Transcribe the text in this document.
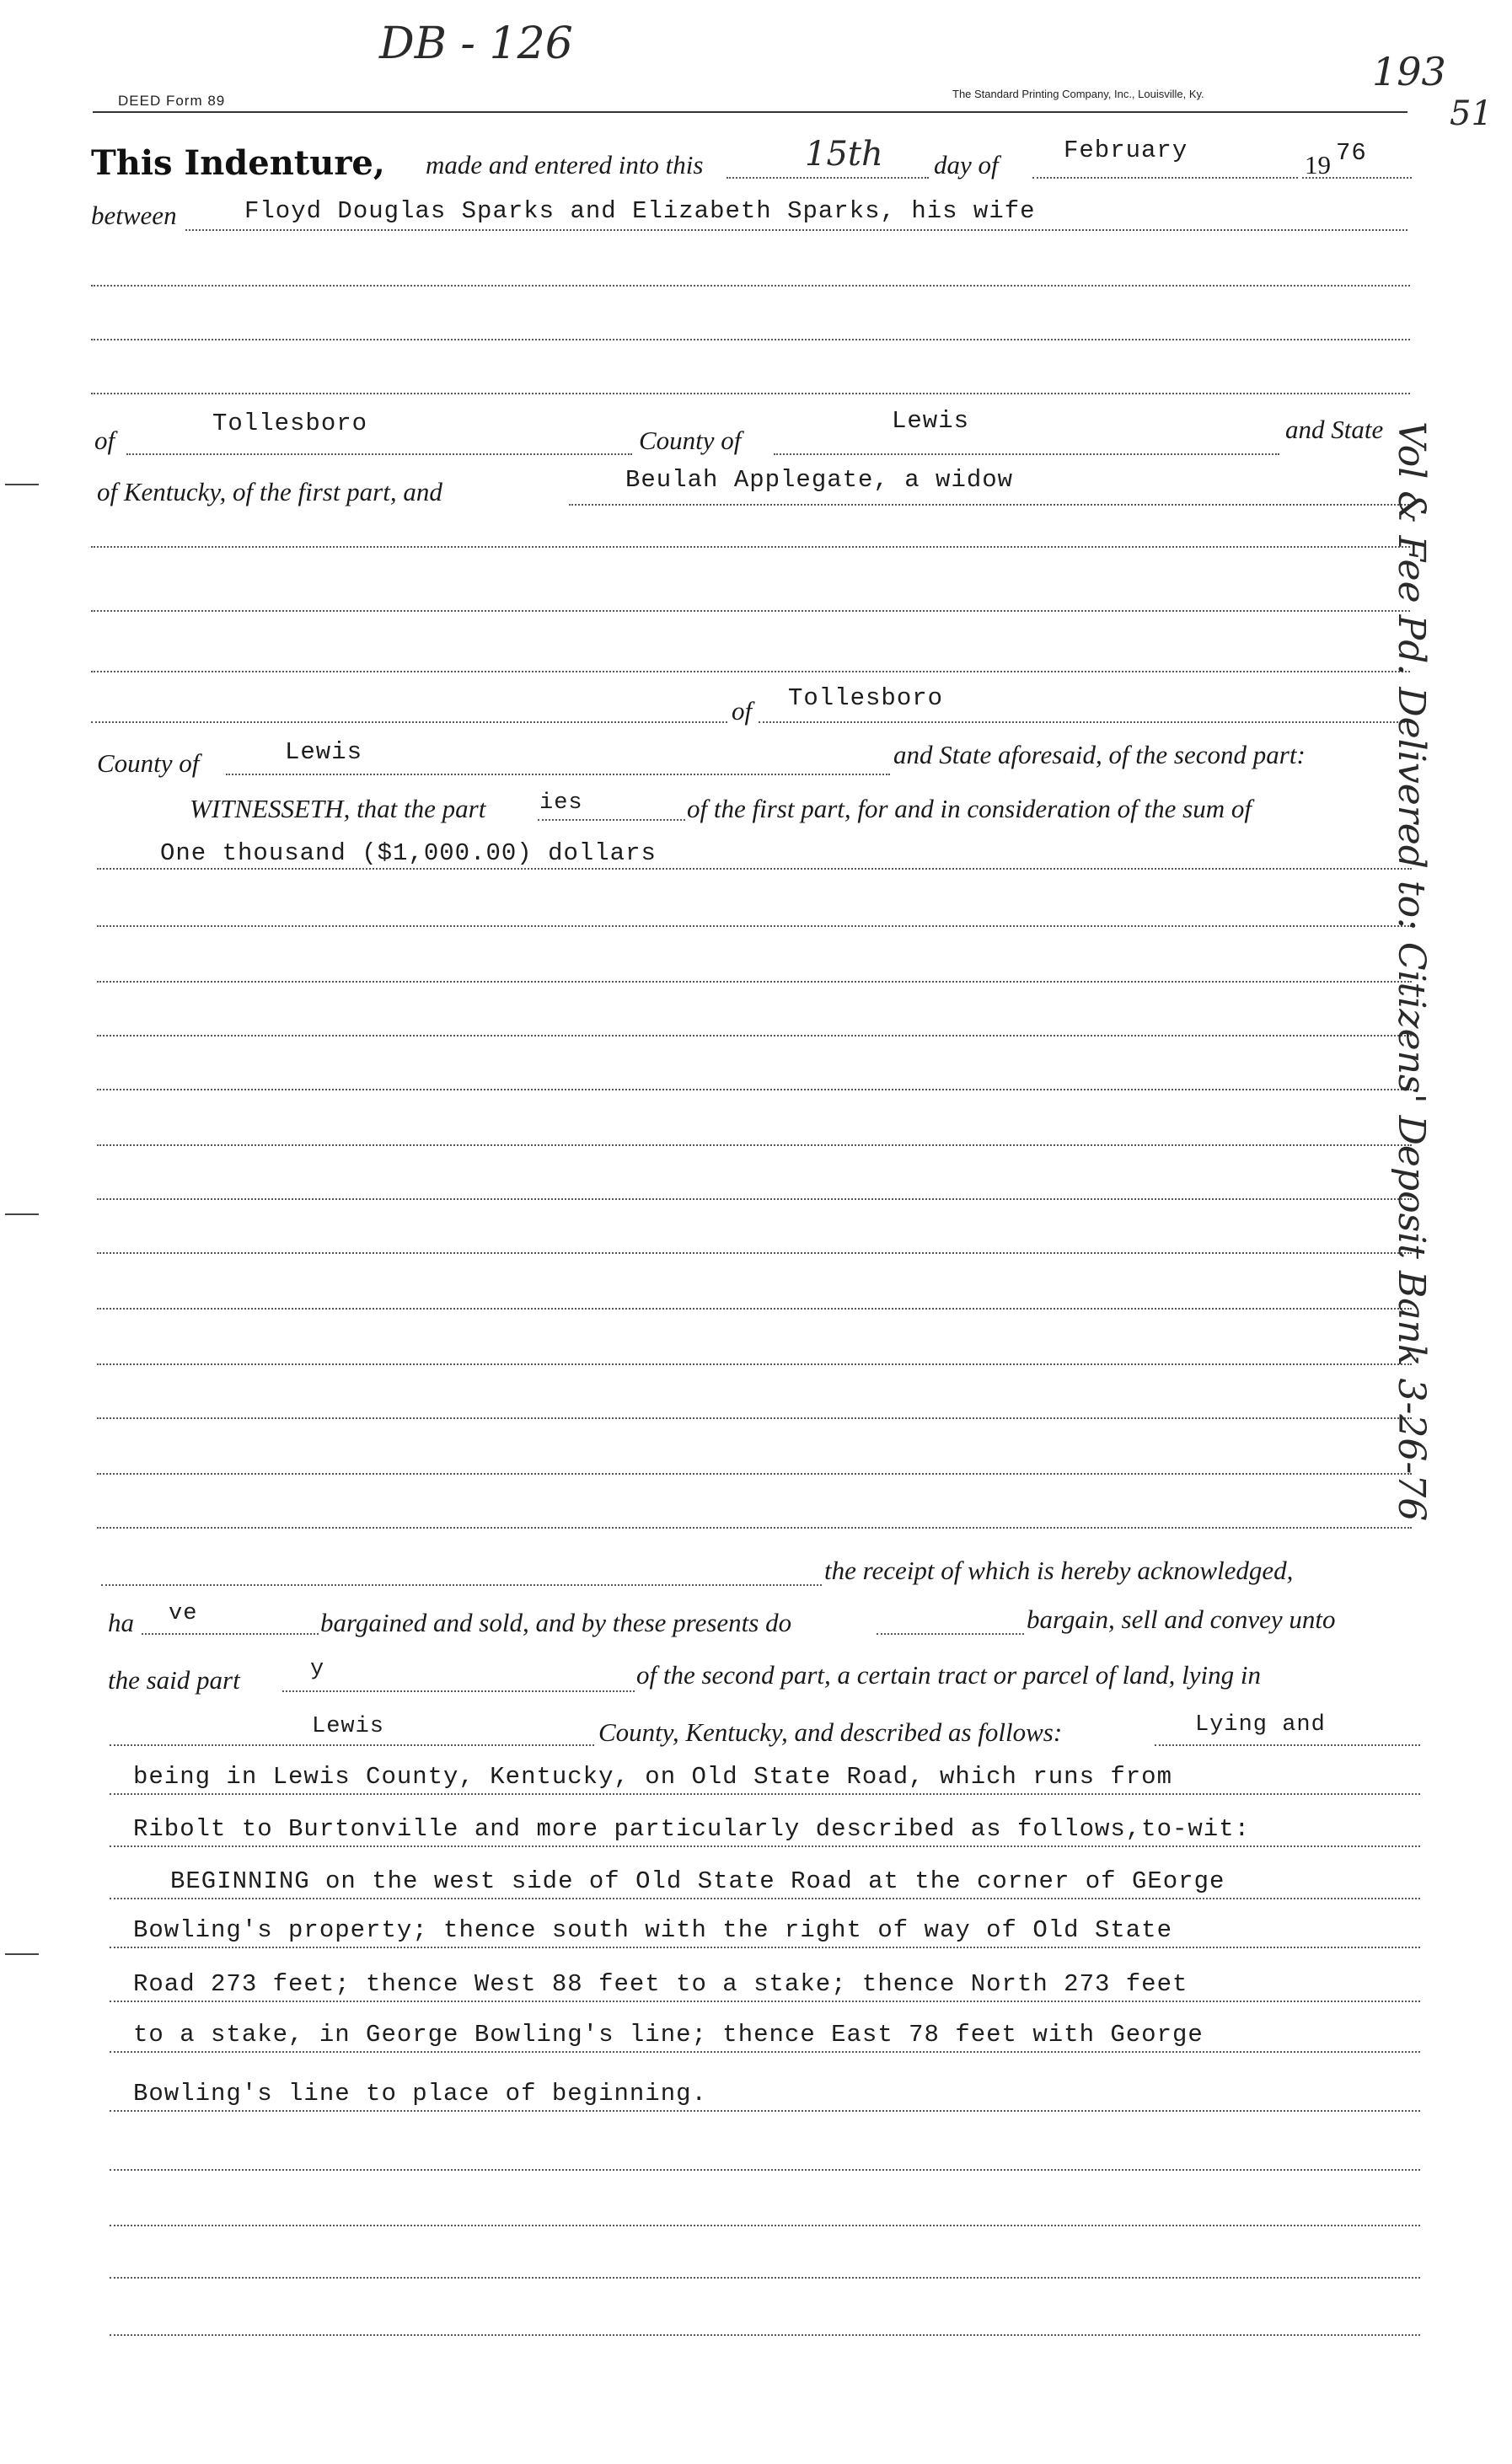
DB - 126
DEED Form 89	The Standard Printing Company, Inc., Louisville, Ky.	193
51
This Indenture, made and entered into this	15th day of	February	19 76
between	Floyd Douglas Sparks and Elizabeth Sparks, his wife
of
Tollesboro
County of
Lewis	and State
of Kentucky, of the first part, and	Beulah Applegate, a widow
of Tollesboro
County of	Lewis	and State aforesaid, of the second part:
WITNESSETH, that the part ies	of the first part, for and in consideration of the sum of
One thousand ($1,000.00) dollars
the receipt of which is hereby acknowledged,
ha ve	bargained and sold, and by these presents do	bargain, sell and convey unto
the said part	y	of the second part, a certain tract or parcel of land, lying in
Lewis	County, Kentucky, and described as follows:	Lying and
being in Lewis County, Kentucky, on Old State Road, which runs from
Ribolt to Burtonville and more particularly described as follows,to-wit:
BEGINNING on the west side of Old State Road at the corner of GEorge
Bowling's property; thence south with the right of way of Old State
Road 273 feet; thence West 88 feet to a stake; thence North 273 feet
to a stake, in George Bowling's line; thence East 78 feet with George
Bowling's line to place of beginning.
Vol & Fee Pd. Delivered to: Citizens' Deposit Bank 3-26-76
